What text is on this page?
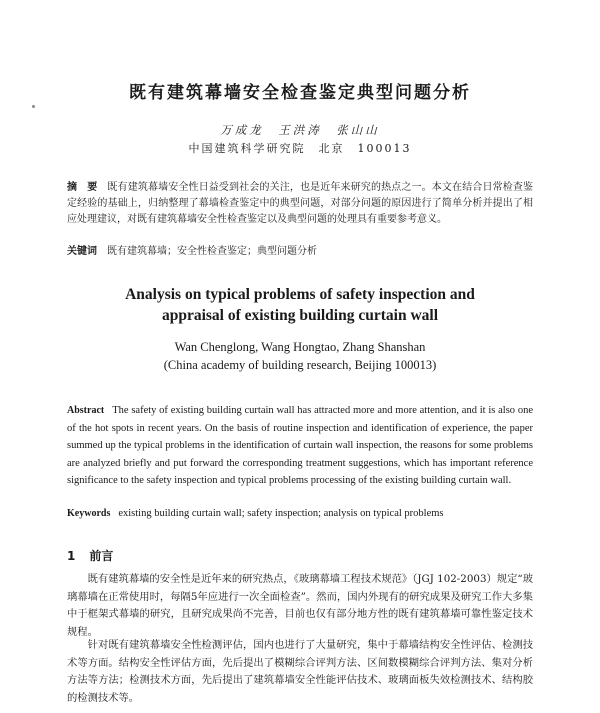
既有建筑幕墙安全检查鉴定典型问题分析
万成龙　王洪涛　张山山
中国建筑科学研究院　北京　100013
摘　要 既有建筑幕墙安全性日益受到社会的关注，也是近年来研究的热点之一。本文在结合日常检查鉴定经验的基础上，归纳整理了幕墙检查鉴定中的典型问题，对部分问题的原因进行了简单分析并提出了相应处理建议，对既有建筑幕墙安全性检查鉴定以及典型问题的处理具有重要参考意义。
关键词 既有建筑幕墙；安全性检查鉴定；典型问题分析
Analysis on typical problems of safety inspection and
appraisal of existing building curtain wall
Wan Chenglong, Wang Hongtao, Zhang Shanshan
(China academy of building research, Beijing 100013)
Abstract The safety of existing building curtain wall has attracted more and more attention, and it is also one of the hot spots in recent years. On the basis of routine inspection and identification of experience, the paper summed up the typical problems in the identification of curtain wall inspection, the reasons for some problems are analyzed briefly and put forward the corresponding treatment suggestions, which has important reference significance to the safety inspection and typical problems processing of the existing building curtain wall.
Keywords existing building curtain wall; safety inspection; analysis on typical problems
1 前言
既有建筑幕墙的安全性是近年来的研究热点，《玻璃幕墙工程技术规范》（JGJ 102-2003）规定“玻璃幕墙在正常使用时，每隔5年应进行一次全面检查”。然而，国内外现有的研究成果及研究工作大多集中于框架式幕墙的研究，且研究成果尚不完善，目前也仅有部分地方性的既有建筑幕墙可靠性鉴定技术规程。
针对既有建筑幕墙安全性检测评估，国内也进行了大量研究，集中于幕墙结构安全性评估、检测技术等方面。结构安全性评估方面，先后提出了模糊综合评判方法、区间数模糊综合评判方法、集对分析方法等方法；检测技术方面，先后提出了建筑幕墙安全性能评估技术、玻璃面板失效检测技术、结构胶的检测技术等。
